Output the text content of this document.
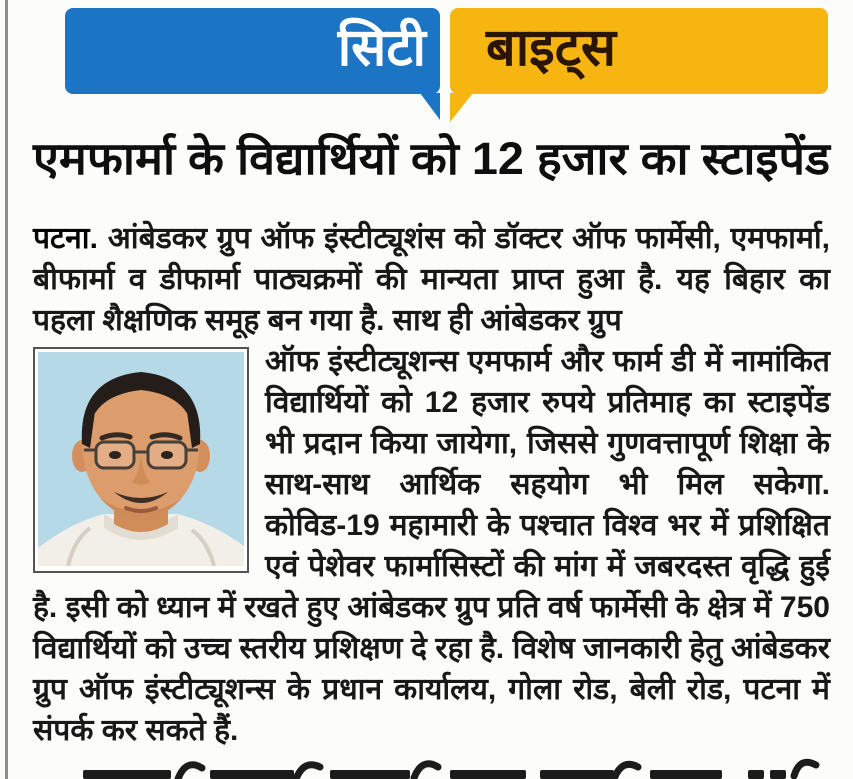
सिटी बाइट्स
एमफार्मा के विद्यार्थियों को 12 हजार का स्टाइपेंड

पटना. आंबेडकर ग्रुप ऑफ इंस्टीट्यूशंस को डॉक्टर ऑफ फार्मेसी, एमफार्मा, बीफार्मा व डीफार्मा पाठ्यक्रमों की मान्यता प्राप्त हुआ है. यह बिहार का पहला शैक्षणिक समूह बन गया है. साथ ही आंबेडकर ग्रुप

ऑफ इंस्टीट्यूशन्स एमफार्म और फार्म डी में नामांकित विद्यार्थियों को 12 हजार रुपये प्रतिमाह का स्टाइपेंड भी प्रदान किया जायेगा, जिससे गुणवत्तापूर्ण शिक्षा के साथ-साथ आर्थिक सहयोग भी मिल सकेगा. कोविड-19 महामारी के पश्चात विश्व भर में प्रशिक्षित एवं पेशेवर फार्मासिस्टों की मांग में जबरदस्त वृद्धि हुई है. इसी को ध्यान में रखते हुए आंबेडकर ग्रुप प्रति वर्ष फार्मेसी के क्षेत्र में 750 विद्यार्थियों को उच्च स्तरीय प्रशिक्षण दे रहा है. विशेष जानकारी हेतु आंबेडकर ग्रुप ऑफ इंस्टीट्यूशन्स के प्रधान कार्यालय, गोला रोड, बेली रोड, पटना में संपर्क कर सकते हैं.
